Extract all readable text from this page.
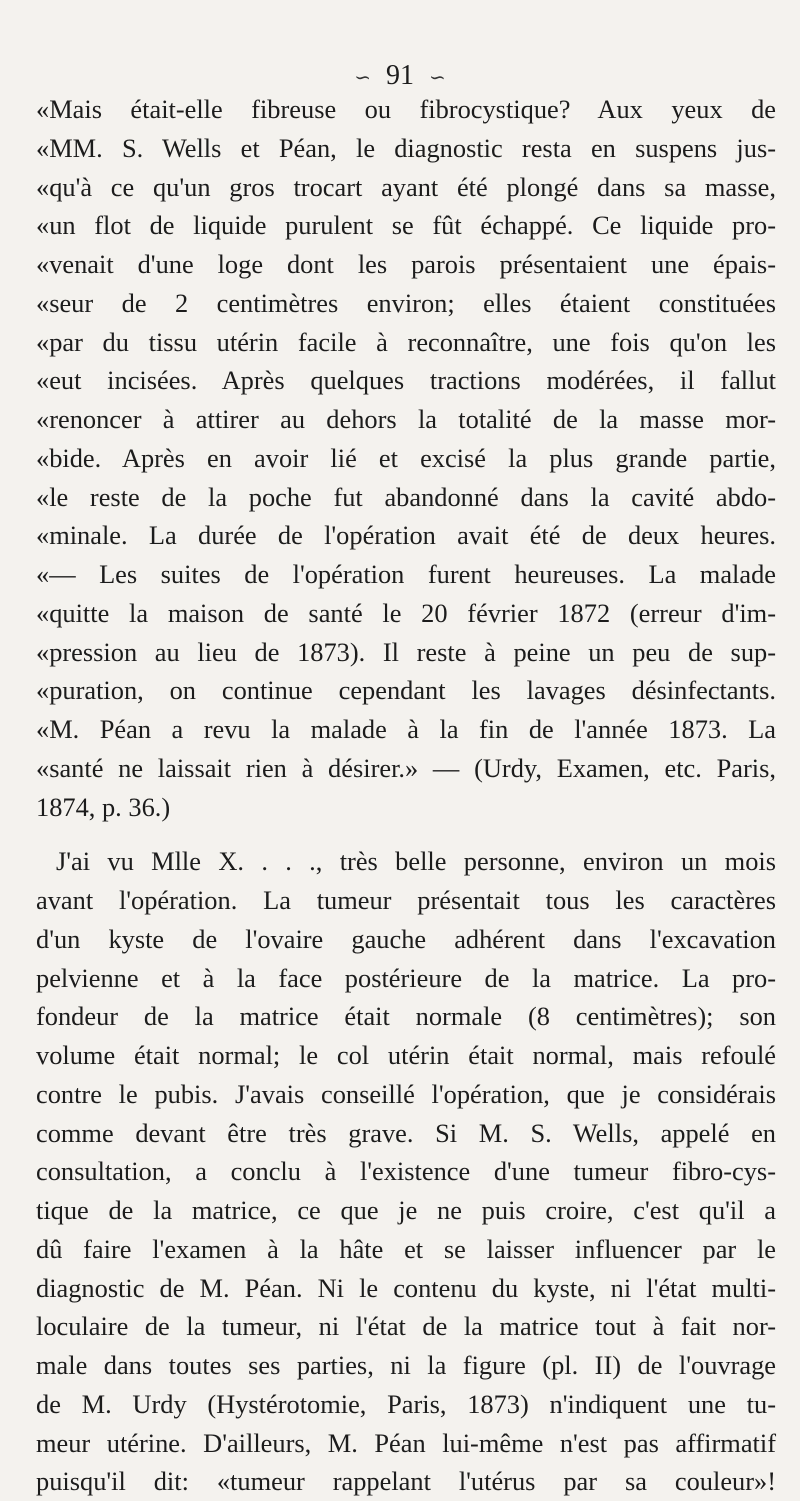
∽ 91 ∽
«Mais était-elle fibreuse ou fibrocystique? Aux yeux de
«MM. S. Wells et Péan, le diagnostic resta en suspens jus-
«qu'à ce qu'un gros trocart ayant été plongé dans sa masse,
«un flot de liquide purulent se fût échappé. Ce liquide pro-
«venait d'une loge dont les parois présentaient une épais-
«seur de 2 centimètres environ; elles étaient constituées
«par du tissu utérin facile à reconnaître, une fois qu'on les
«eut incisées. Après quelques tractions modérées, il fallut
«renoncer à attirer au dehors la totalité de la masse mor-
«bide. Après en avoir lié et excisé la plus grande partie,
«le reste de la poche fut abandonné dans la cavité abdo-
«minale. La durée de l'opération avait été de deux heures.
«— Les suites de l'opération furent heureuses. La malade
«quitte la maison de santé le 20 février 1872 (erreur d'im-
«pression au lieu de 1873). Il reste à peine un peu de sup-
«puration, on continue cependant les lavages désinfectants.
«M. Péan a revu la malade à la fin de l'année 1873. La
«santé ne laissait rien à désirer.» — (Urdy, Examen, etc. Paris,
1874, p. 36.)
J'ai vu Mlle X. . . ., très belle personne, environ un mois
avant l'opération. La tumeur présentait tous les caractères
d'un kyste de l'ovaire gauche adhérent dans l'excavation
pelvienne et à la face postérieure de la matrice. La pro-
fondeur de la matrice était normale (8 centimètres); son
volume était normal; le col utérin était normal, mais refoulé
contre le pubis. J'avais conseillé l'opération, que je considérais
comme devant être très grave. Si M. S. Wells, appelé en
consultation, a conclu à l'existence d'une tumeur fibro-cys-
tique de la matrice, ce que je ne puis croire, c'est qu'il a
dû faire l'examen à la hâte et se laisser influencer par le
diagnostic de M. Péan. Ni le contenu du kyste, ni l'état multi-
loculaire de la tumeur, ni l'état de la matrice tout à fait nor-
male dans toutes ses parties, ni la figure (pl. II) de l'ouvrage
de M. Urdy (Hystérotomie, Paris, 1873) n'indiquent une tu-
meur utérine. D'ailleurs, M. Péan lui-même n'est pas affirmatif
puisqu'il dit: «tumeur rappelant l'utérus par sa couleur»!
